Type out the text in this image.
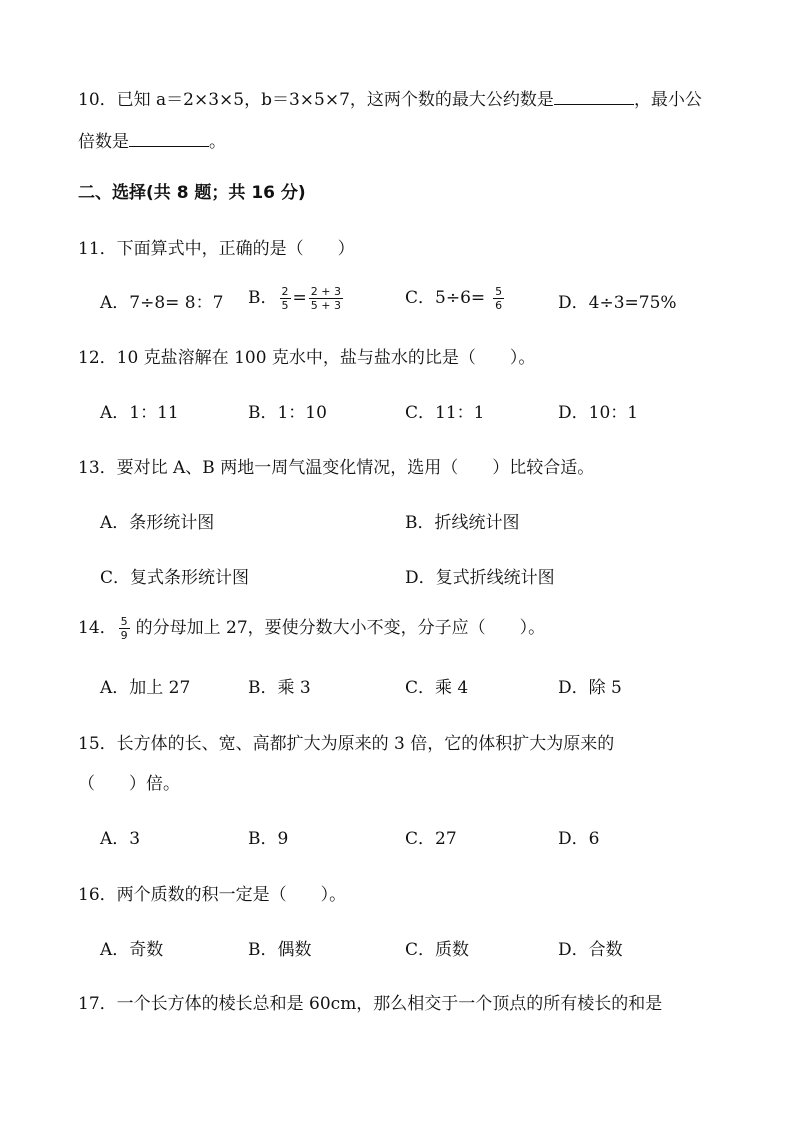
10．已知 a＝2×3×5，b＝3×5×7，这两个数的最大公约数是	，最小公
倍数是	。
二、选择(共 8 题；共 16 分)
11．下面算式中，正确的是（　　）
A．7÷8= 8：7 B． $\frac{2}{5} = \frac{2 + 3}{5 + 3}$	C．$5\div 6= \frac{5}{6}$	D．4÷3=75%
12．10 克盐溶解在 100 克水中，盐与盐水的比是（　　）。
A．1：11	B．1：10	C．11：1	D．10：1
13．要对比 A、B 两地一周气温变化情况，选用（　　）比较合适。
A．条形统计图	B．折线统计图
C．复式条形统计图	D．复式折线统计图
14． $\frac{5}{9}$ 的分母加上 27，要使分数大小不变，分子应（　　）。
A．加上 27	B．乘 3	C．乘 4	D．除 5
15．长方体的长、宽、高都扩大为原来的 3 倍，它的体积扩大为原来的
（　　）倍。
A．3	B．9	C．27	D．6
16．两个质数的积一定是（　　）。
A．奇数	B．偶数	C．质数	D．合数
17．一个长方体的棱长总和是 60cm，那么相交于一个顶点的所有棱长的和是
